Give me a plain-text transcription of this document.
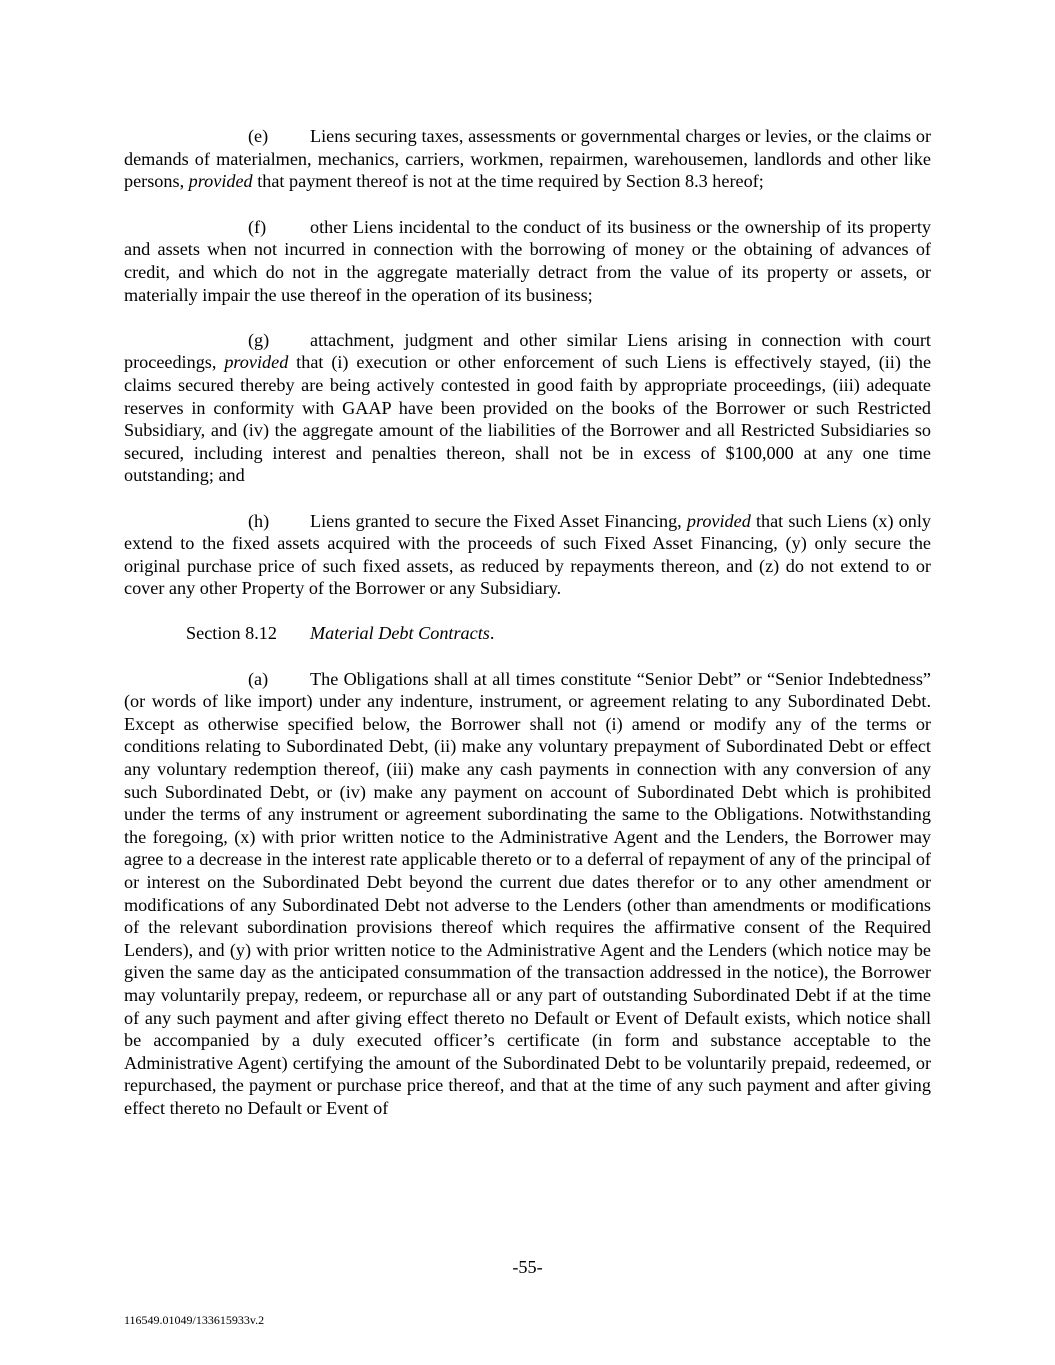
(e) Liens securing taxes, assessments or governmental charges or levies, or the claims or demands of materialmen, mechanics, carriers, workmen, repairmen, warehousemen, landlords and other like persons, provided that payment thereof is not at the time required by Section 8.3 hereof;

(f) other Liens incidental to the conduct of its business or the ownership of its property and assets when not incurred in connection with the borrowing of money or the obtaining of advances of credit, and which do not in the aggregate materially detract from the value of its property or assets, or materially impair the use thereof in the operation of its business;

(g) attachment, judgment and other similar Liens arising in connection with court proceedings, provided that (i) execution or other enforcement of such Liens is effectively stayed, (ii) the claims secured thereby are being actively contested in good faith by appropriate proceedings, (iii) adequate reserves in conformity with GAAP have been provided on the books of the Borrower or such Restricted Subsidiary, and (iv) the aggregate amount of the liabilities of the Borrower and all Restricted Subsidiaries so secured, including interest and penalties thereon, shall not be in excess of $100,000 at any one time outstanding; and

(h) Liens granted to secure the Fixed Asset Financing, provided that such Liens (x) only extend to the fixed assets acquired with the proceeds of such Fixed Asset Financing, (y) only secure the original purchase price of such fixed assets, as reduced by repayments thereon, and (z) do not extend to or cover any other Property of the Borrower or any Subsidiary.

Section 8.12 Material Debt Contracts.

(a) The Obligations shall at all times constitute “Senior Debt” or “Senior Indebtedness” (or words of like import) under any indenture, instrument, or agreement relating to any Subordinated Debt. Except as otherwise specified below, the Borrower shall not (i) amend or modify any of the terms or conditions relating to Subordinated Debt, (ii) make any voluntary prepayment of Subordinated Debt or effect any voluntary redemption thereof, (iii) make any cash payments in connection with any conversion of any such Subordinated Debt, or (iv) make any payment on account of Subordinated Debt which is prohibited under the terms of any instrument or agreement subordinating the same to the Obligations. Notwithstanding the foregoing, (x) with prior written notice to the Administrative Agent and the Lenders, the Borrower may agree to a decrease in the interest rate applicable thereto or to a deferral of repayment of any of the principal of or interest on the Subordinated Debt beyond the current due dates therefor or to any other amendment or modifications of any Subordinated Debt not adverse to the Lenders (other than amendments or modifications of the relevant subordination provisions thereof which requires the affirmative consent of the Required Lenders), and (y) with prior written notice to the Administrative Agent and the Lenders (which notice may be given the same day as the anticipated consummation of the transaction addressed in the notice), the Borrower may voluntarily prepay, redeem, or repurchase all or any part of outstanding Subordinated Debt if at the time of any such payment and after giving effect thereto no Default or Event of Default exists, which notice shall be accompanied by a duly executed officer’s certificate (in form and substance acceptable to the Administrative Agent) certifying the amount of the Subordinated Debt to be voluntarily prepaid, redeemed, or repurchased, the payment or purchase price thereof, and that at the time of any such payment and after giving effect thereto no Default or Event of

-55-
116549.01049/133615933v.2
